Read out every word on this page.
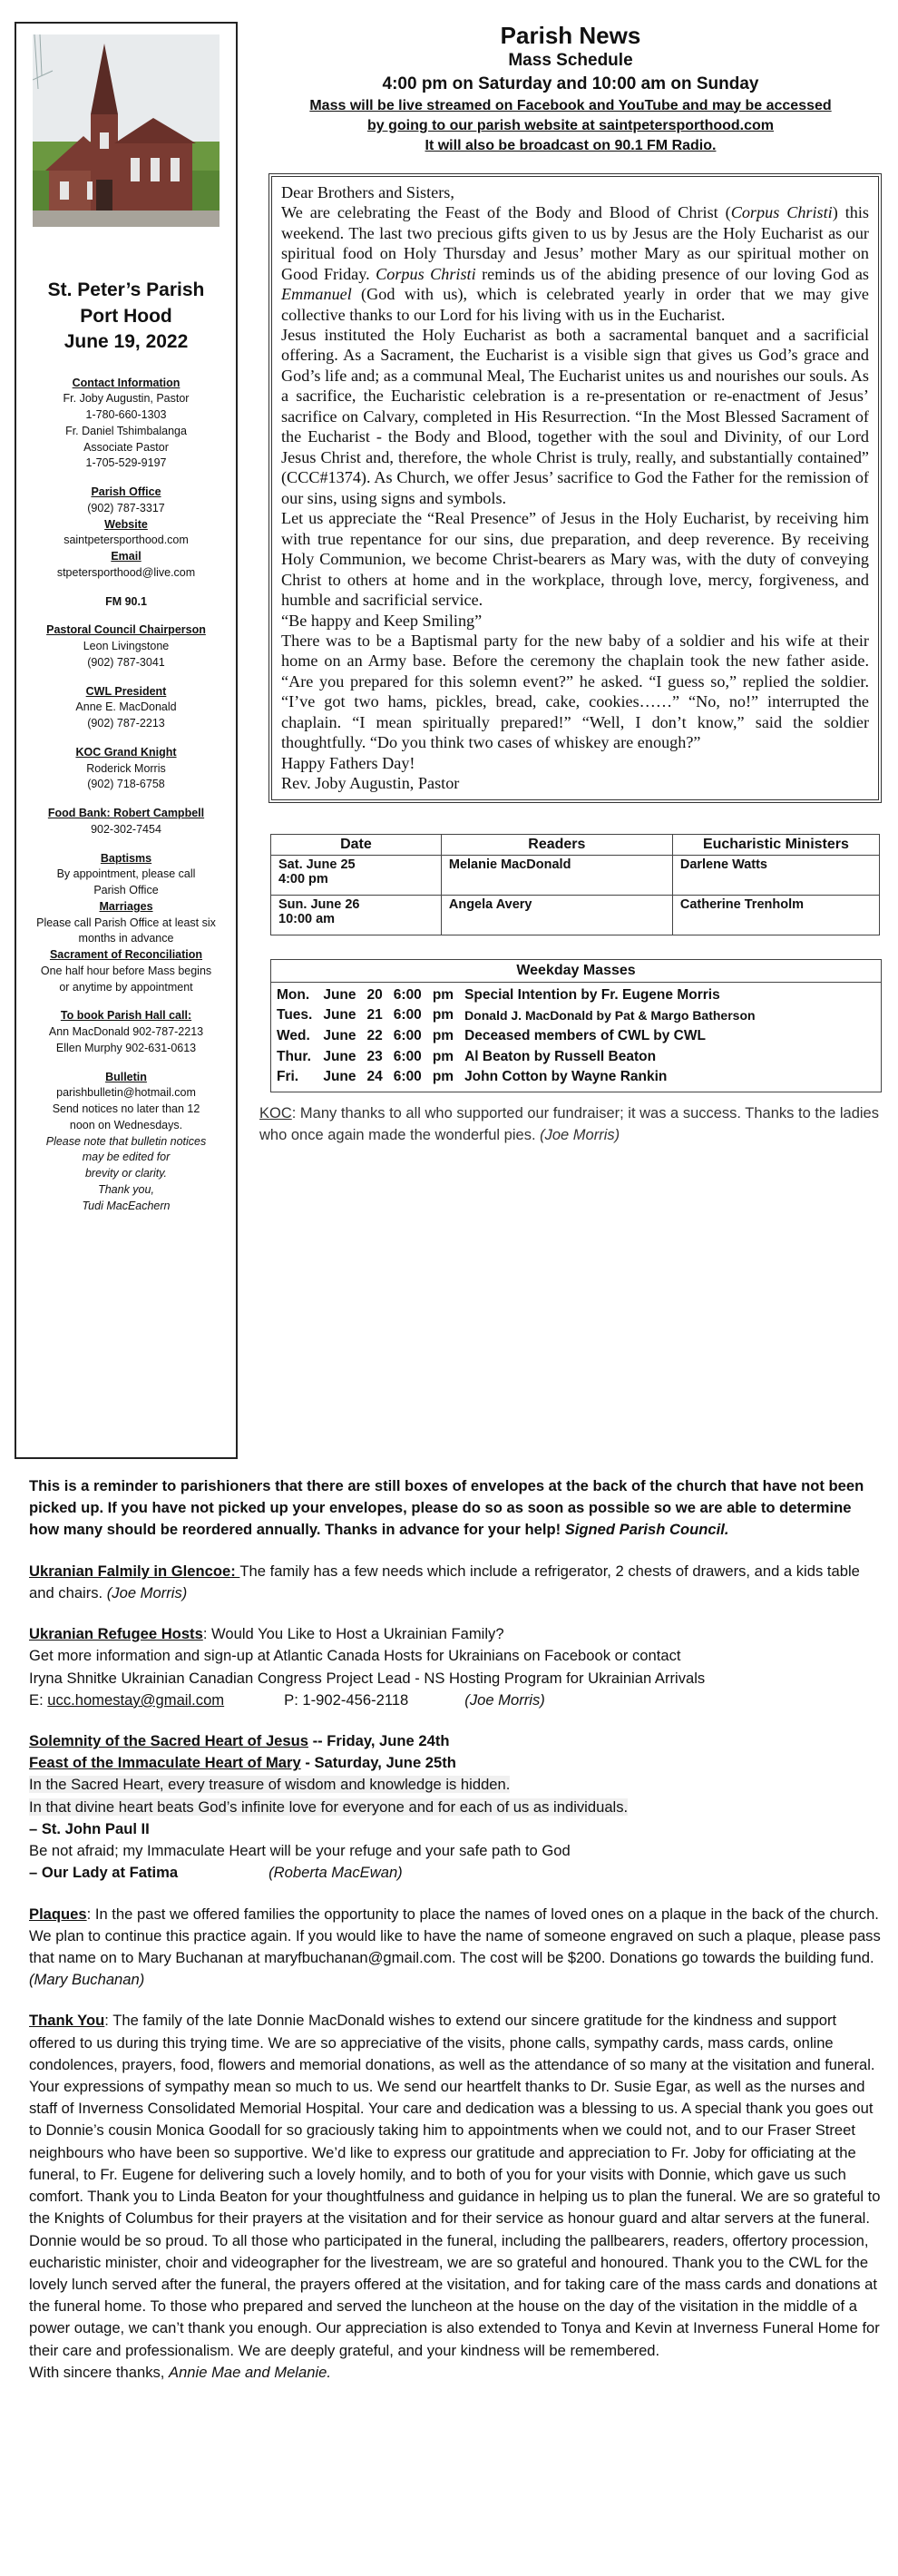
St. Peter’s Parish
Port Hood
June 19, 2022
Contact Information
Fr. Joby Augustin, Pastor
1-780-660-1303
Fr. Daniel Tshimbalanga
Associate Pastor
1-705-529-9197
Parish Office
(902) 787-3317
Website
saintpetersporthood.com
Email
stpetersporthood@live.com
FM 90.1
Pastoral Council Chairperson
Leon Livingstone
(902) 787-3041
CWL President
Anne E. MacDonald
(902) 787-2213
KOC Grand Knight
Roderick Morris
(902) 718-6758
Food Bank: Robert Campbell
902-302-7454
Baptisms
By appointment, please call
Parish Office
Marriages
Please call Parish Office at least six
months in advance
Sacrament of Reconciliation
One half hour before Mass begins
or anytime by appointment
To book Parish Hall call:
Ann MacDonald 902-787-2213
Ellen Murphy 902-631-0613
Bulletin
parishbulletin@hotmail.com
Send notices no later than 12
noon on Wednesdays.
Please note that bulletin notices
may be edited for
brevity or clarity.
Thank you,
Tudi MacEachern
Parish News
Mass Schedule
4:00 pm on Saturday and 10:00 am on Sunday
Mass will be live streamed on Facebook and YouTube and may be accessed
by going to our parish website at saintpetersporthood.com
It will also be broadcast on 90.1 FM Radio.

Dear Brothers and Sisters,

We are celebrating the Feast of the Body and Blood of Christ (Corpus Christi) this weekend. The last two precious gifts given to us by Jesus are the Holy Eucharist as our spiritual food on Holy Thursday and Jesus’ mother Mary as our spiritual mother on Good Friday. Corpus Christi reminds us of the abiding presence of our loving God as Emmanuel (God with us), which is celebrated yearly in order that we may give collective thanks to our Lord for his living with us in the Eucharist.

Jesus instituted the Holy Eucharist as both a sacramental banquet and a sacrificial offering. As a Sacrament, the Eucharist is a visible sign that gives us God’s grace and God’s life and; as a communal Meal, The Eucharist unites us and nourishes our souls. As a sacrifice, the Eucharistic celebration is a re-presentation or re-enactment of Jesus’ sacrifice on Calvary, completed in His Resurrection. “In the Most Blessed Sacrament of the Eucharist - the Body and Blood, together with the soul and Divinity, of our Lord Jesus Christ and, therefore, the whole Christ is truly, really, and substantially contained” (CCC#1374). As Church, we offer Jesus’ sacrifice to God the Father for the remission of our sins, using signs and symbols.

Let us appreciate the “Real Presence” of Jesus in the Holy Eucharist, by receiving him with true repentance for our sins, due preparation, and deep reverence. By receiving Holy Communion, we become Christ-bearers as Mary was, with the duty of conveying Christ to others at home and in the workplace, through love, mercy, forgiveness, and humble and sacrificial service.

“Be happy and Keep Smiling”

There was to be a Baptismal party for the new baby of a soldier and his wife at their home on an Army base. Before the ceremony the chaplain took the new father aside. “Are you prepared for this solemn event?” he asked. “I guess so,” replied the soldier. “I’ve got two hams, pickles, bread, cake, cookies……” “No, no!” interrupted the chaplain. “I mean spiritually prepared!” “Well, I don’t know,” said the soldier thoughtfully. “Do you think two cases of whiskey are enough?”

Happy Fathers Day!

Rev. Joby Augustin, Pastor

Date	Readers	Eucharistic Ministers

Sat. June 25
4:00 pm	Melanie MacDonald	Darlene Watts

Sun. June 26
10:00 am	Angela Avery	Catherine Trenholm
Weekday Masses
Mon.	June	20	6:00	pm	Special Intention by Fr. Eugene Morris
Tues.	June	21	6:00	pm	Donald J. MacDonald by Pat & Margo Batherson
Wed.	June	22	6:00	pm	Deceased members of CWL by CWL
Thur.	June	23	6:00	pm	Al Beaton by Russell Beaton
Fri.	June	24	6:00	pm	John Cotton by Wayne Rankin
KOC: Many thanks to all who supported our fundraiser; it was a success. Thanks to the ladies who once again made the wonderful pies. (Joe Morris)

This is a reminder to parishioners that there are still boxes of envelopes at the back of the church that have not been picked up. If you have not picked up your envelopes, please do so as soon as possible so we are able to determine how many should be reordered annually. Thanks in advance for your help! Signed Parish Council.

Ukranian Falmily in Glencoe: The family has a few needs which include a refrigerator, 2 chests of drawers, and a kids table and chairs. (Joe Morris)

Ukranian Refugee Hosts: Would You Like to Host a Ukrainian Family?
Get more information and sign-up at Atlantic Canada Hosts for Ukrainians on Facebook or contact
Iryna Shnitke Ukrainian Canadian Congress Project Lead - NS Hosting Program for Ukrainian Arrivals
E: ucc.homestay@gmail.com	P: 1-902-456-2118	(Joe Morris)

Solemnity of the Sacred Heart of Jesus -- Friday, June 24th
Feast of the Immaculate Heart of Mary - Saturday, June 25th
In the Sacred Heart, every treasure of wisdom and knowledge is hidden.
In that divine heart beats God’s infinite love for everyone and for each of us as individuals.
– St. John Paul II
Be not afraid; my Immaculate Heart will be your refuge and your safe path to God
– Our Lady at Fatima	(Roberta MacEwan)

Plaques: In the past we offered families the opportunity to place the names of loved ones on a plaque in the back of the church. We plan to continue this practice again. If you would like to have the name of someone engraved on such a plaque, please pass that name on to Mary Buchanan at maryfbuchanan@gmail.com. The cost will be $200. Donations go towards the building fund.
(Mary Buchanan)

Thank You: The family of the late Donnie MacDonald wishes to extend our sincere gratitude for the kindness and support offered to us during this trying time. We are so appreciative of the visits, phone calls, sympathy cards, mass cards, online condolences, prayers, food, flowers and memorial donations, as well as the attendance of so many at the visitation and funeral. Your expressions of sympathy mean so much to us. We send our heartfelt thanks to Dr. Susie Egar, as well as the nurses and staff of Inverness Consolidated Memorial Hospital. Your care and dedication was a blessing to us. A special thank you goes out to Donnie’s cousin Monica Goodall for so graciously taking him to appointments when we could not, and to our Fraser Street neighbours who have been so supportive. We’d like to express our gratitude and appreciation to Fr. Joby for officiating at the funeral, to Fr. Eugene for delivering such a lovely homily, and to both of you for your visits with Donnie, which gave us such comfort. Thank you to Linda Beaton for your thoughtfulness and guidance in helping us to plan the funeral. We are so grateful to the Knights of Columbus for their prayers at the visitation and for their service as honour guard and altar servers at the funeral. Donnie would be so proud. To all those who participated in the funeral, including the pallbearers, readers, offertory procession, eucharistic minister, choir and videographer for the livestream, we are so grateful and honoured. Thank you to the CWL for the lovely lunch served after the funeral, the prayers offered at the visitation, and for taking care of the mass cards and donations at the funeral home. To those who prepared and served the luncheon at the house on the day of the visitation in the middle of a power outage, we can’t thank you enough. Our appreciation is also extended to Tonya and Kevin at Inverness Funeral Home for their care and professionalism. We are deeply grateful, and your kindness will be remembered.
With sincere thanks, Annie Mae and Melanie.
